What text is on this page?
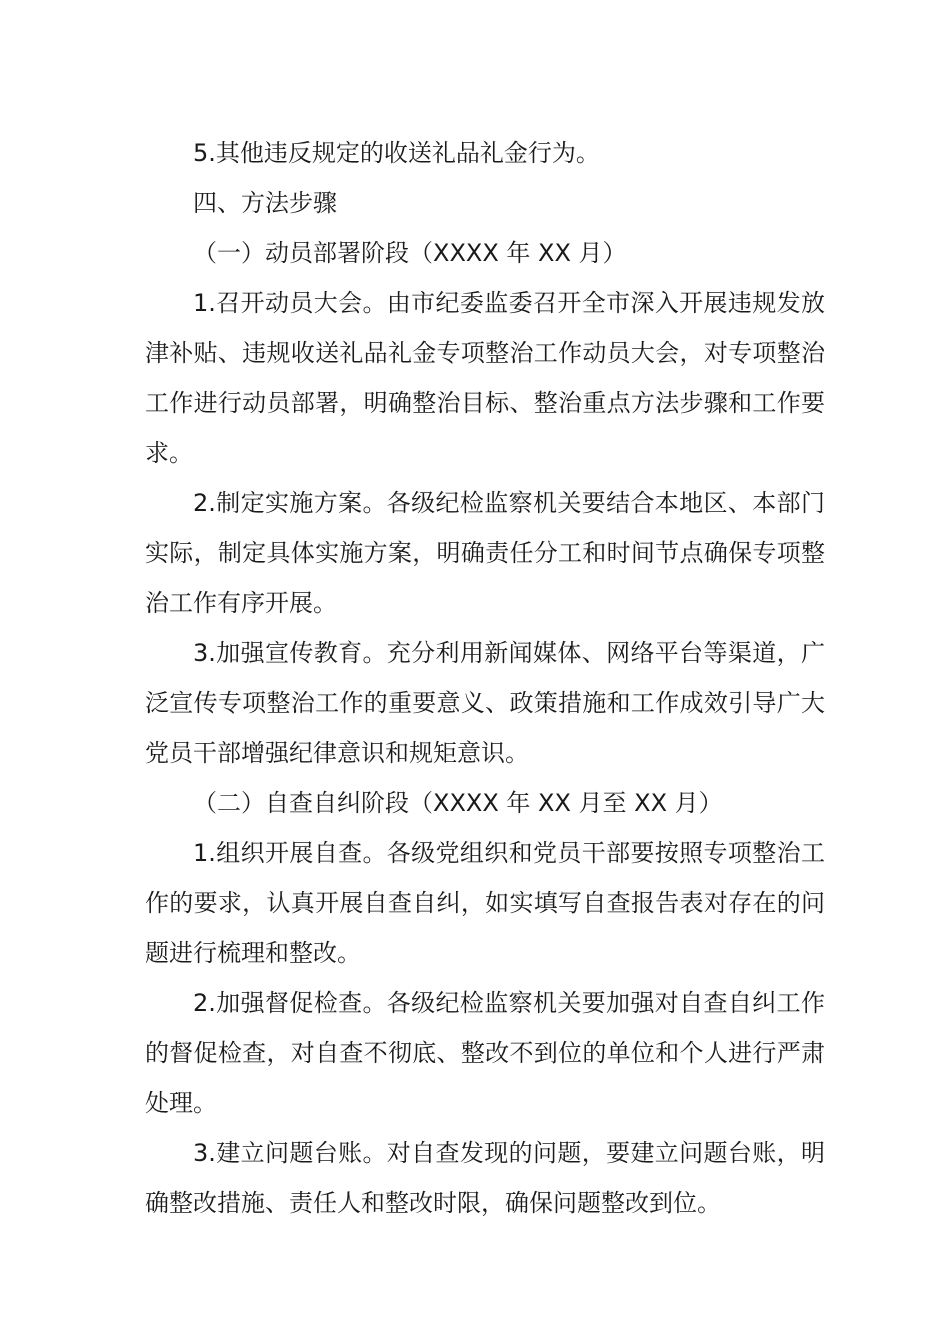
5.其他违反规定的收送礼品礼金行为。

四、方法步骤

（一）动员部署阶段（XXXX 年 XX 月）

1.召开动员大会。由市纪委监委召开全市深入开展违规发放津补贴、违规收送礼品礼金专项整治工作动员大会，对专项整治工作进行动员部署，明确整治目标、整治重点方法步骤和工作要求。

2.制定实施方案。各级纪检监察机关要结合本地区、本部门实际，制定具体实施方案，明确责任分工和时间节点确保专项整治工作有序开展。

3.加强宣传教育。充分利用新闻媒体、网络平台等渠道，广泛宣传专项整治工作的重要意义、政策措施和工作成效引导广大党员干部增强纪律意识和规矩意识。

（二）自查自纠阶段（XXXX 年 XX 月至 XX 月）

1.组织开展自查。各级党组织和党员干部要按照专项整治工作的要求，认真开展自查自纠，如实填写自查报告表对存在的问题进行梳理和整改。

2.加强督促检查。各级纪检监察机关要加强对自查自纠工作的督促检查，对自查不彻底、整改不到位的单位和个人进行严肃处理。

3.建立问题台账。对自查发现的问题，要建立问题台账，明确整改措施、责任人和整改时限，确保问题整改到位。
